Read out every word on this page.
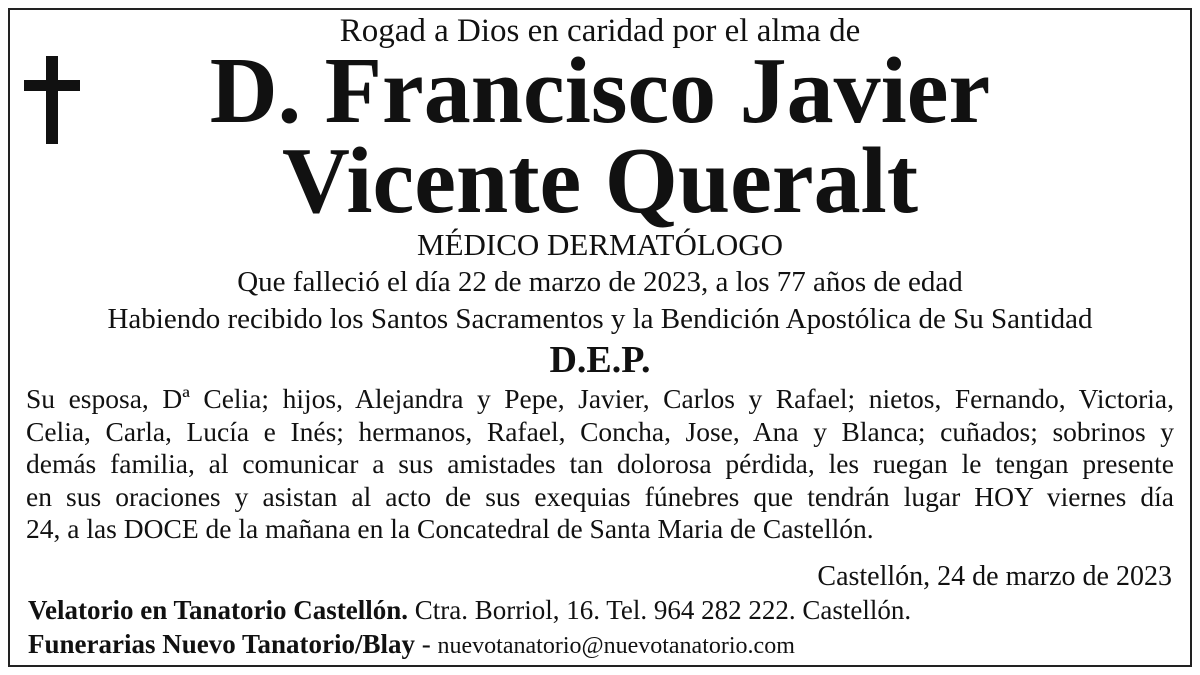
Rogad a Dios en caridad por el alma de
D. Francisco Javier
Vicente Queralt
MÉDICO DERMATÓLOGO
Que falleció el día 22 de marzo de 2023, a los 77 años de edad
Habiendo recibido los Santos Sacramentos y la Bendición Apostólica de Su Santidad
D.E.P.
Su esposa, Dª Celia; hijos, Alejandra y Pepe, Javier, Carlos y Rafael; nietos, Fernando, Victoria,
Celia, Carla, Lucía e Inés; hermanos, Rafael, Concha, Jose, Ana y Blanca; cuñados; sobrinos y
demás familia, al comunicar a sus amistades tan dolorosa pérdida, les ruegan le tengan presente
en sus oraciones y asistan al acto de sus exequias fúnebres que tendrán lugar HOY viernes día
24, a las DOCE de la mañana en la Concatedral de Santa Maria de Castellón.
Castellón, 24 de marzo de 2023
Velatorio en Tanatorio Castellón. Ctra. Borriol, 16. Tel. 964 282 222. Castellón.
Funerarias Nuevo Tanatorio/Blay - nuevotanatorio@nuevotanatorio.com
